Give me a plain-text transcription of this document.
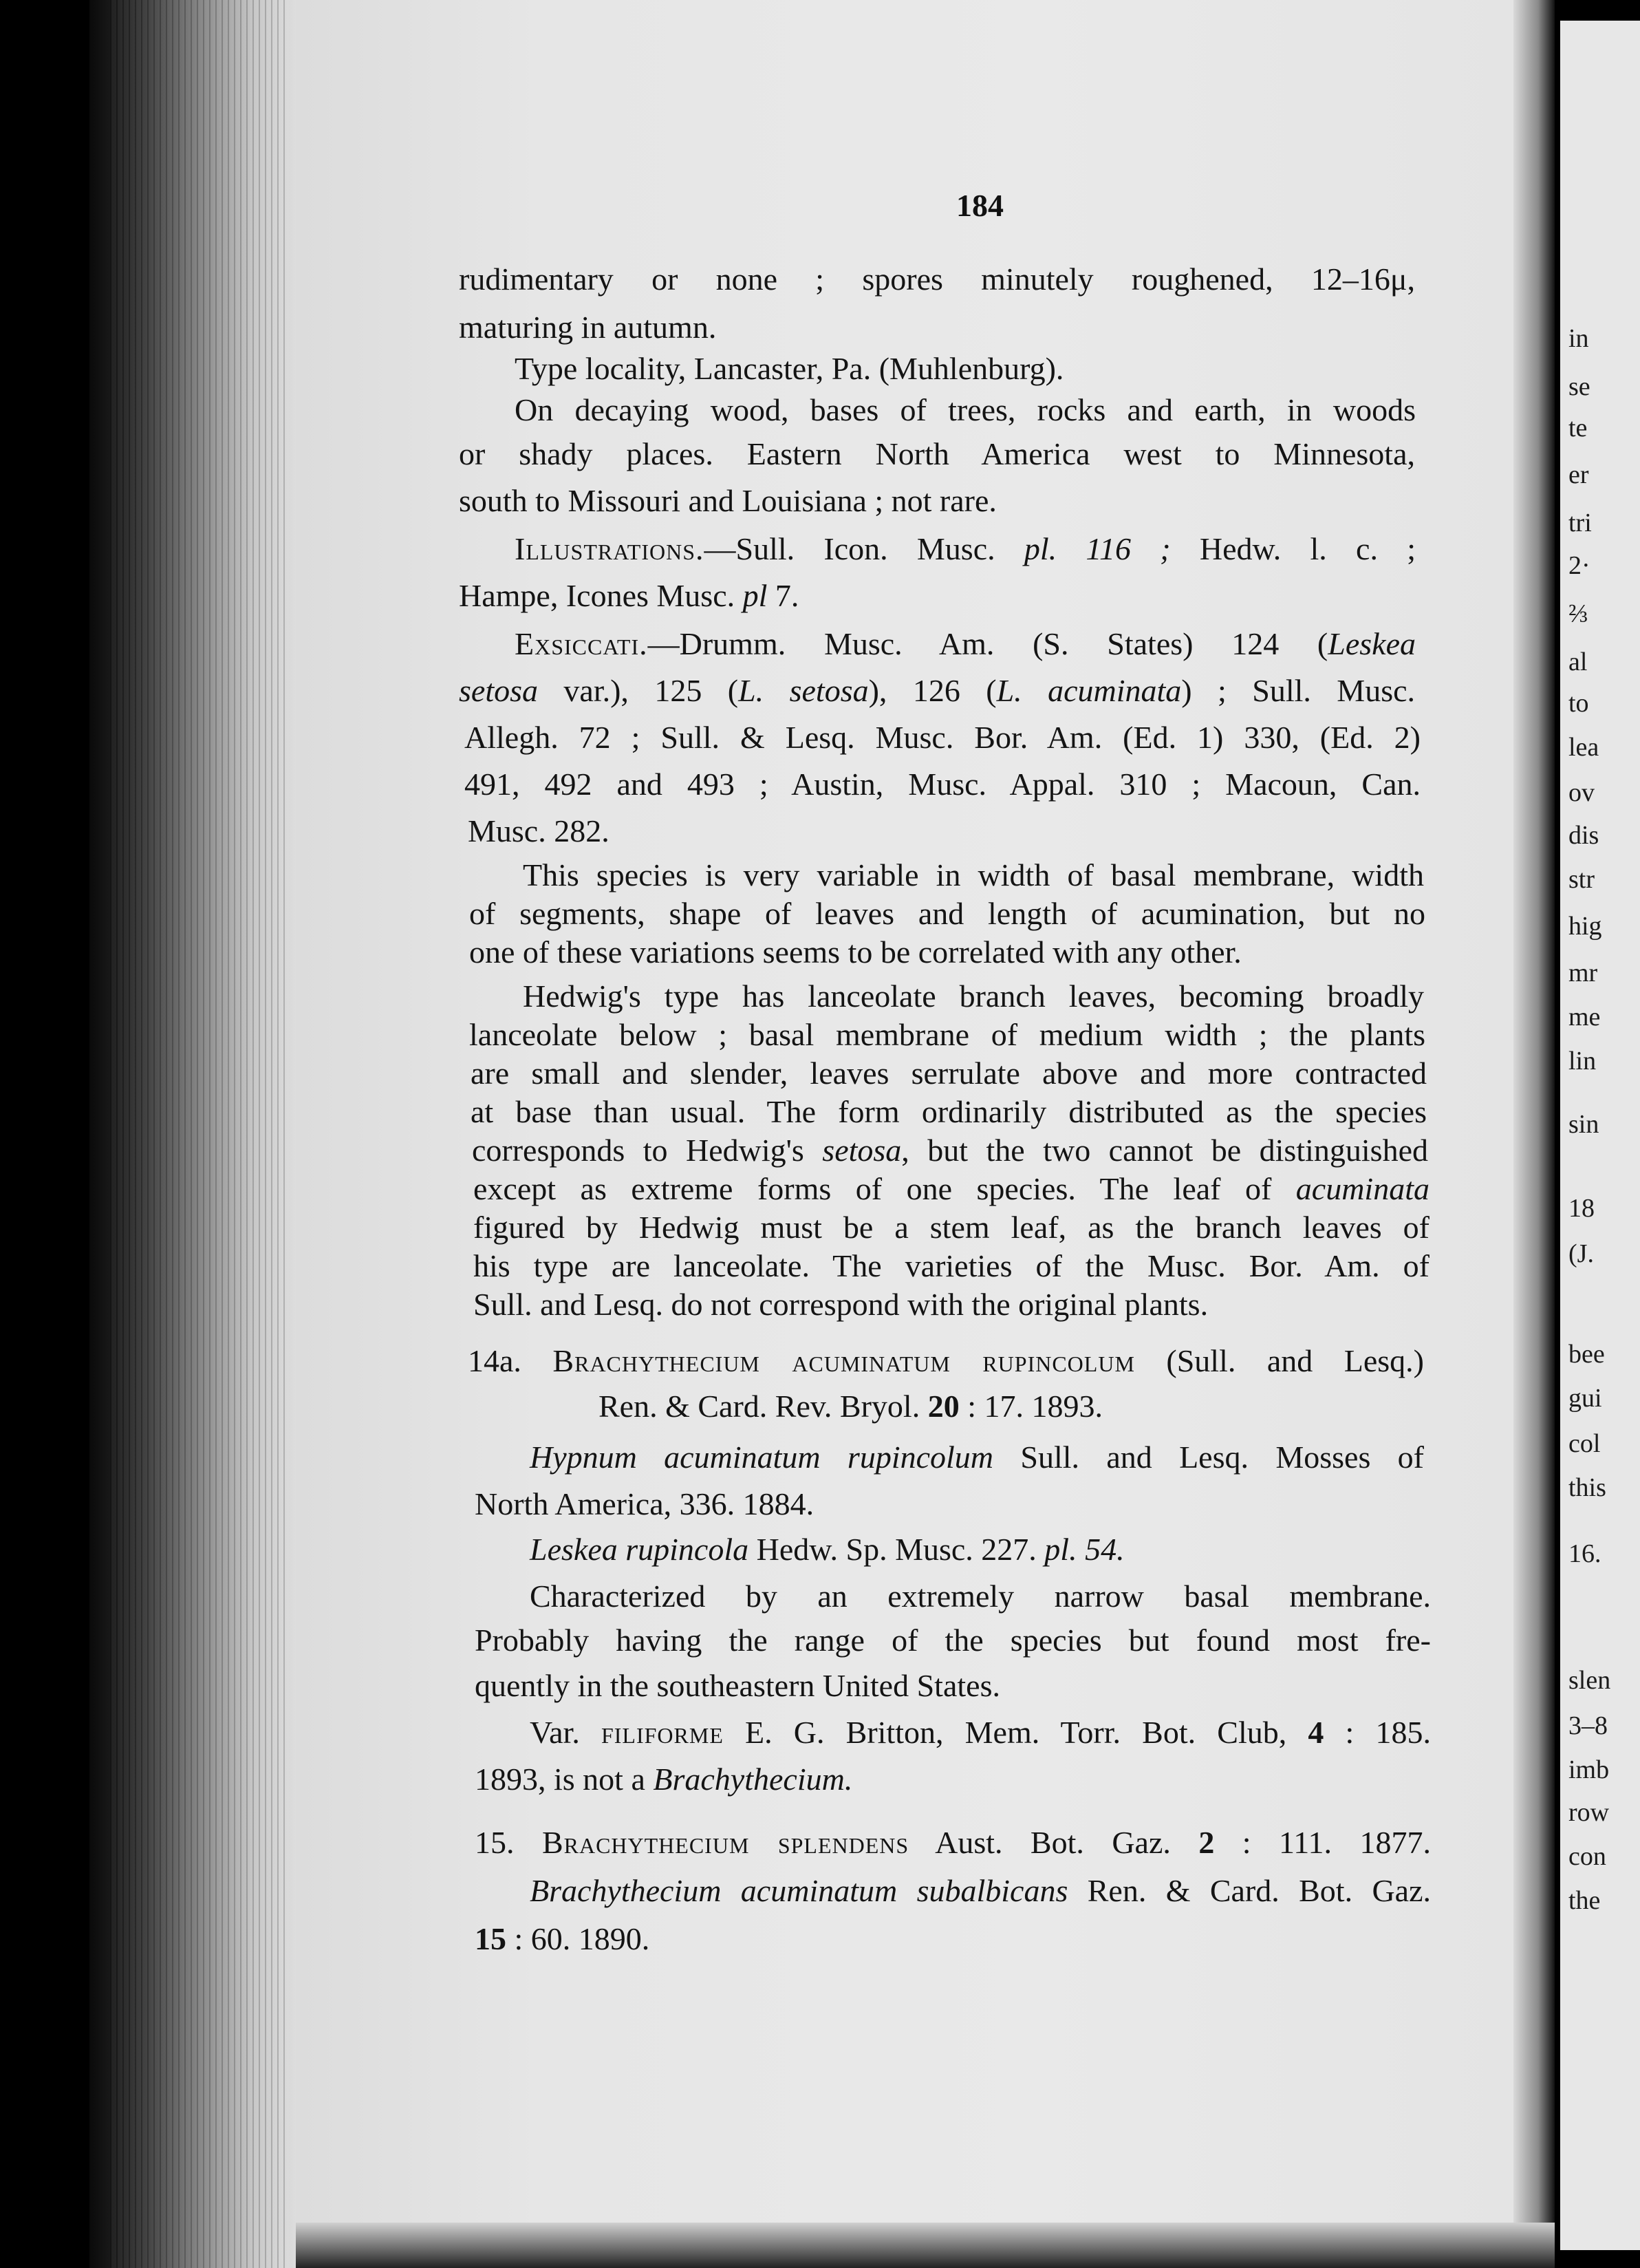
in
se
te
er
tri
2·
⅔
al
to
lea
ov
dis
str
hig
mr
me
lin
sin
18
(J.
bee
gui
col
this
16.
slen
3–8
imb
row
con
the
184
rudimentary or none ; spores minutely roughened, 12–16μ,
maturing in autumn.
Type locality, Lancaster, Pa. (Muhlenburg).
On decaying wood, bases of trees, rocks and earth, in woods
or shady places. Eastern North America west to Minnesota,
south to Missouri and Louisiana ; not rare.
Illustrations.—Sull. Icon. Musc. pl. 116 ; Hedw. l. c. ;
Hampe, Icones Musc. pl 7.
Exsiccati.—Drumm. Musc. Am. (S. States) 124 (Leskea
setosa var.), 125 (L. setosa), 126 (L. acuminata) ; Sull. Musc.
Allegh. 72 ; Sull. & Lesq. Musc. Bor. Am. (Ed. 1) 330, (Ed. 2)
491, 492 and 493 ; Austin, Musc. Appal. 310 ; Macoun, Can.
Musc. 282.
This species is very variable in width of basal membrane, width
of segments, shape of leaves and length of acumination, but no
one of these variations seems to be correlated with any other.
Hedwig's type has lanceolate branch leaves, becoming broadly
lanceolate below ; basal membrane of medium width ; the plants
are small and slender, leaves serrulate above and more contracted
at base than usual. The form ordinarily distributed as the species
corresponds to Hedwig's setosa, but the two cannot be distinguished
except as extreme forms of one species. The leaf of acuminata
figured by Hedwig must be a stem leaf, as the branch leaves of
his type are lanceolate. The varieties of the Musc. Bor. Am. of
Sull. and Lesq. do not correspond with the original plants.
14a. Brachythecium acuminatum rupincolum (Sull. and Lesq.)
Ren. & Card. Rev. Bryol. 20 : 17. 1893.
Hypnum acuminatum rupincolum Sull. and Lesq. Mosses of
North America, 336. 1884.
Leskea rupincola Hedw. Sp. Musc. 227. pl. 54.
Characterized by an extremely narrow basal membrane.
Probably having the range of the species but found most fre-
quently in the southeastern United States.
Var. filiforme E. G. Britton, Mem. Torr. Bot. Club, 4 : 185.
1893, is not a Brachythecium.
15. Brachythecium splendens Aust. Bot. Gaz. 2 : 111. 1877.
Brachythecium acuminatum subalbicans Ren. & Card. Bot. Gaz.
15 : 60. 1890.
